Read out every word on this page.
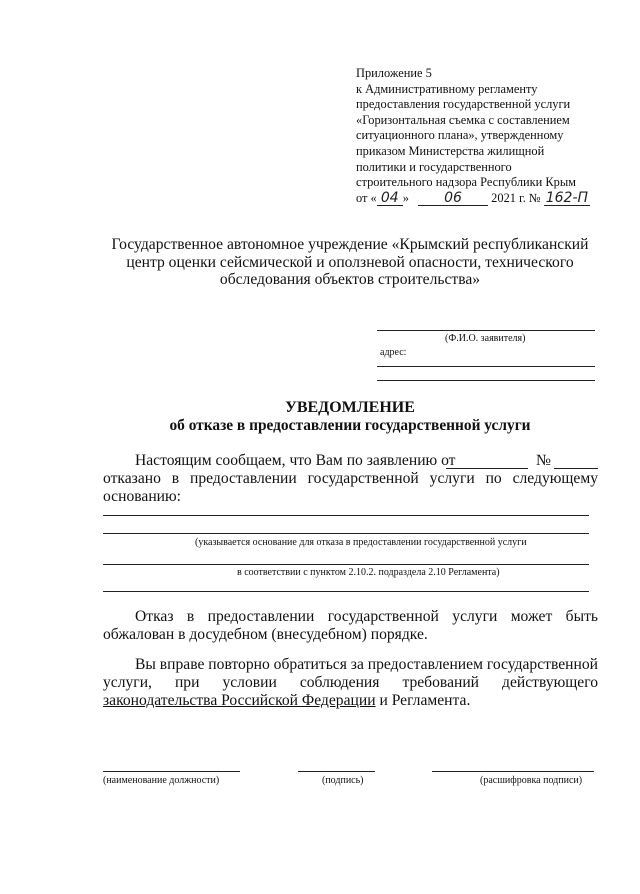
Приложение 5
к Административному регламенту
предоставления государственной услуги
«Горизонтальная съемка с составлением
ситуационного плана», утвержденному
приказом Министерства жилищной
политики и государственного
строительного надзора Республики Крым
от « 04 »	06 2021 г. № 162-П
Государственное автономное учреждение «Крымский республиканский
центр оценки сейсмической и оползневой опасности, технического
обследования объектов строительства»
(Ф.И.О. заявителя)
адрес:
УВЕДОМЛЕНИЕ
об отказе в предоставлении государственной услуги
Настоящим сообщаем, что Вам по заявлению от	№
отказано в предоставлении государственной услуги по следующему
основанию:
(указывается основание для отказа в предоставлении государственной услуги
в соответствии с пунктом 2.10.2. подраздела 2.10 Регламента)
Отказ в предоставлении государственной услуги может быть обжалован в досудебном (внесудебном) порядке.
Вы вправе повторно обратиться за предоставлением государственной услуги, при условии соблюдения требований действующего законодательства Российской Федерации и Регламента.
(наименование должности)	(подпись)	(расшифровка подписи)
